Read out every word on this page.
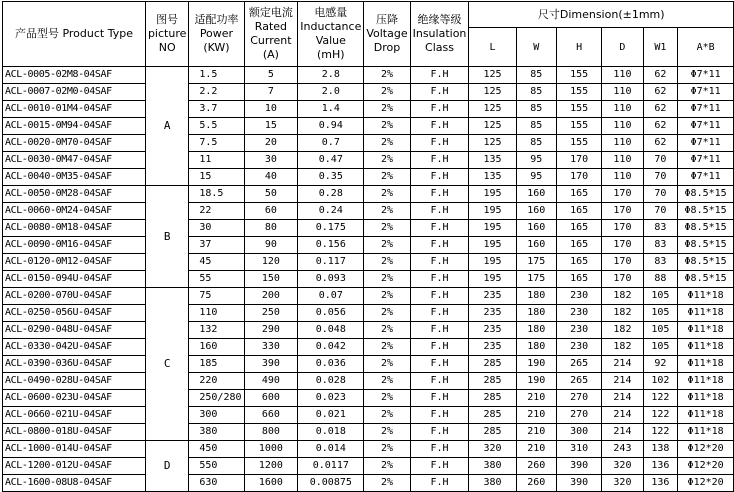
产品型号 Product Type	图号 picture NO	适配功率 Power (KW)	额定电流 Rated Current (A)	电感量 Inductance Value (mH)	压降 Voltage Drop	绝缘等级 Insulation Class	尺寸Dimension(±1mm)					
							L	W	H	D	W1	A*B
ACL-0005-02M8-04SAF	A	1.5	5	2.8	2%	F.H	125	85	155	110	62	Φ7*11
ACL-0007-02M0-04SAF		2.2	7	2.0	2%	F.H	125	85	155	110	62	Φ7*11
ACL-0010-01M4-04SAF		3.7	10	1.4	2%	F.H	125	85	155	110	62	Φ7*11
ACL-0015-0M94-04SAF		5.5	15	0.94	2%	F.H	125	85	155	110	62	Φ7*11
ACL-0020-0M70-04SAF		7.5	20	0.7	2%	F.H	125	85	155	110	62	Φ7*11
ACL-0030-0M47-04SAF		11	30	0.47	2%	F.H	135	95	170	110	70	Φ7*11
ACL-0040-0M35-04SAF		15	40	0.35	2%	F.H	135	95	170	110	70	Φ7*11
ACL-0050-0M28-04SAF	B	18.5	50	0.28	2%	F.H	195	160	165	170	70	Φ8.5*15
ACL-0060-0M24-04SAF		22	60	0.24	2%	F.H	195	160	165	170	70	Φ8.5*15
ACL-0080-0M18-04SAF		30	80	0.175	2%	F.H	195	160	165	170	83	Φ8.5*15
ACL-0090-0M16-04SAF		37	90	0.156	2%	F.H	195	160	165	170	83	Φ8.5*15
ACL-0120-0M12-04SAF		45	120	0.117	2%	F.H	195	175	165	170	83	Φ8.5*15
ACL-0150-094U-04SAF		55	150	0.093	2%	F.H	195	175	165	170	88	Φ8.5*15
ACL-0200-070U-04SAF	C	75	200	0.07	2%	F.H	235	180	230	182	105	Φ11*18
ACL-0250-056U-04SAF		110	250	0.056	2%	F.H	235	180	230	182	105	Φ11*18
ACL-0290-048U-04SAF		132	290	0.048	2%	F.H	235	180	230	182	105	Φ11*18
ACL-0330-042U-04SAF		160	330	0.042	2%	F.H	235	180	230	182	105	Φ11*18
ACL-0390-036U-04SAF		185	390	0.036	2%	F.H	285	190	265	214	92	Φ11*18
ACL-0490-028U-04SAF		220	490	0.028	2%	F.H	285	190	265	214	102	Φ11*18
ACL-0600-023U-04SAF		250/280	600	0.023	2%	F.H	285	210	270	214	122	Φ11*18
ACL-0660-021U-04SAF		300	660	0.021	2%	F.H	285	210	270	214	122	Φ11*18
ACL-0800-018U-04SAF		380	800	0.018	2%	F.H	285	210	300	214	122	Φ11*18
ACL-1000-014U-04SAF	D	450	1000	0.014	2%	F.H	320	210	310	243	138	Φ12*20
ACL-1200-012U-04SAF		550	1200	0.0117	2%	F.H	380	260	390	320	136	Φ12*20
ACL-1600-08U8-04SAF		630	1600	0.00875	2%	F.H	380	260	390	320	136	Φ12*20
